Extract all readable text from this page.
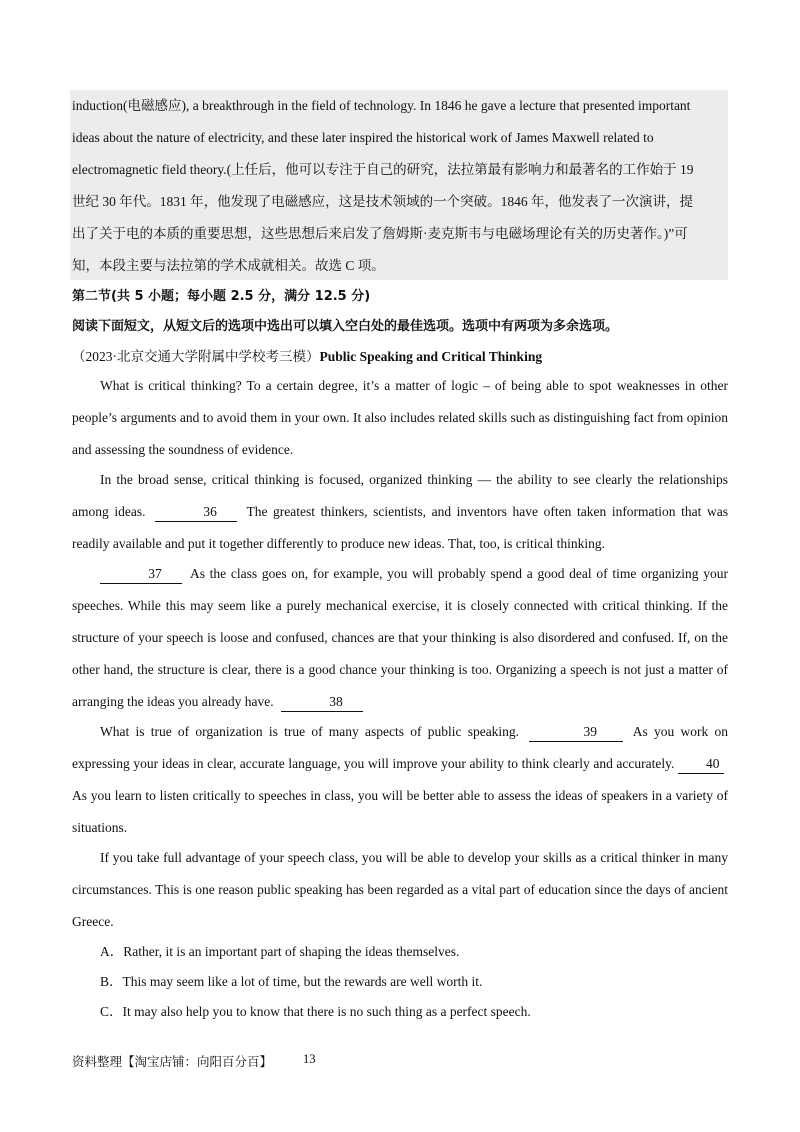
induction(电磁感应), a breakthrough in the field of technology. In 1846 he gave a lecture that presented important
ideas about the nature of electricity, and these later inspired the historical work of James Maxwell related to
electromagnetic field theory.(上任后，他可以专注于自己的研究，法拉第最有影响力和最著名的工作始于 19
世纪 30 年代。1831 年，他发现了电磁感应，这是技术领域的一个突破。1846 年，他发表了一次演讲，提
出了关于电的本质的重要思想，这些思想后来启发了詹姆斯·麦克斯韦与电磁场理论有关的历史著作。)”可
知，本段主要与法拉第的学术成就相关。故选 C 项。
第二节(共 5 小题；每小题 2.5 分，满分 12.5 分)
阅读下面短文，从短文后的选项中选出可以填入空白处的最佳选项。选项中有两项为多余选项。
（2023·北京交通大学附属中学校考三模）Public Speaking and Critical Thinking

What is critical thinking? To a certain degree, it’s a matter of logic – of being able to spot weaknesses in other people’s arguments and to avoid them in your own. It also includes related skills such as distinguishing fact from opinion and assessing the soundness of evidence.

In the broad sense, critical thinking is focused, organized thinking — the ability to see clearly the relationships among ideas.	36 The greatest thinkers, scientists, and inventors have often taken information that was readily available and put it together differently to produce new ideas. That, too, is critical thinking.

37 As the class goes on, for example, you will probably spend a good deal of time organizing your speeches. While this may seem like a purely mechanical exercise, it is closely connected with critical thinking. If the structure of your speech is loose and confused, chances are that your thinking is also disordered and confused. If, on the other hand, the structure is clear, there is a good chance your thinking is too. Organizing a speech is not just a matter of arranging the ideas you already have.	38

What is true of organization is true of many aspects of public speaking.	39	As you work on expressing your ideas in clear, accurate language, you will improve your ability to think clearly and accurately. 40 As you learn to listen critically to speeches in class, you will be better able to assess the ideas of speakers in a variety of situations.

If you take full advantage of your speech class, you will be able to develop your skills as a critical thinker in many circumstances. This is one reason public speaking has been regarded as a vital part of education since the days of ancient Greece.

A．Rather, it is an important part of shaping the ideas themselves.
B．This may seem like a lot of time, but the rewards are well worth it.
C．It may also help you to know that there is no such thing as a perfect speech.
资料整理【淘宝店铺：向阳百分百】 13
